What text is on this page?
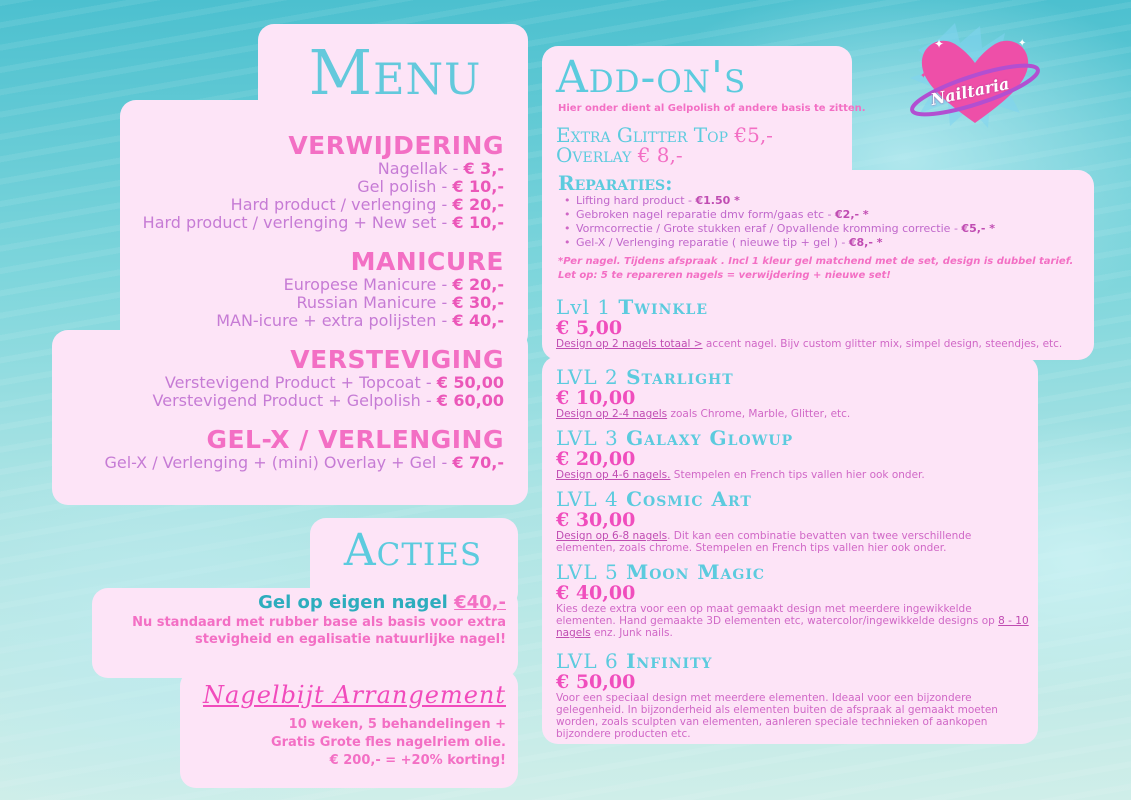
Menu
VERWIJDERING
Nagellak - € 3,-
Gel polish - € 10,-
Hard product / verlenging - € 20,-
Hard product / verlenging + New set - € 10,-
MANICURE
Europese Manicure - € 20,-
Russian Manicure - € 30,-
MAN-icure + extra polijsten - € 40,-
VERSTEVIGING
Verstevigend Product + Topcoat - € 50,00
Verstevigend Product + Gelpolish - € 60,00
GEL-X / VERLENGING
Gel-X / Verlenging + (mini) Overlay + Gel - € 70,-
Acties
Gel op eigen nagel €40,-
Nu standaard met rubber base als basis voor extra
stevigheid en egalisatie natuurlijke nagel!
Nagelbijt Arrangement
10 weken, 5 behandelingen +
Gratis Grote fles nagelriem olie.
€ 200,- = +20% korting!
Add-on's
Hier onder dient al Gelpolish of andere basis te zitten.
Extra Glitter Top €5,-
Overlay € 8,-
Reparaties:
• Lifting hard product - €1.50 *
• Gebroken nagel reparatie dmv form/gaas etc - €2,- *
• Vormcorrectie / Grote stukken eraf / Opvallende kromming correctie - €5,- *
• Gel-X / Verlenging reparatie ( nieuwe tip + gel ) - €8,- *
*Per nagel. Tijdens afspraak . Incl 1 kleur gel matchend met de set, design is dubbel tarief.
Let op: 5 te repareren nagels = verwijdering + nieuwe set!
Lvl 1 Twinkle
€ 5,00
Design op 2 nagels totaal > accent nagel. Bijv custom glitter mix, simpel design, steendjes, etc.
LVL 2 Starlight
€ 10,00
Design op 2-4 nagels zoals Chrome, Marble, Glitter, etc.
LVL 3 Galaxy Glowup
€ 20,00
Design op 4-6 nagels. Stempelen en French tips vallen hier ook onder.
LVL 4 Cosmic Art
€ 30,00
Design op 6-8 nagels. Dit kan een combinatie bevatten van twee verschillende elementen, zoals chrome. Stempelen en French tips vallen hier ook onder.
LVL 5 Moon Magic
€ 40,00
Kies deze extra voor een op maat gemaakt design met meerdere ingewikkelde elementen. Hand gemaakte 3D elementen etc, watercolor/ingewikkelde designs op 8 - 10 nagels enz. Junk nails.
LVL 6 Infinity
€ 50,00
Voor een speciaal design met meerdere elementen. Ideaal voor een bijzondere gelegenheid. In bijzonderheid als elementen buiten de afspraak al gemaakt moeten worden, zoals sculpten van elementen, aanleren speciale technieken of aankopen bijzondere producten etc.
✦	✦
✦ Nailtaria
